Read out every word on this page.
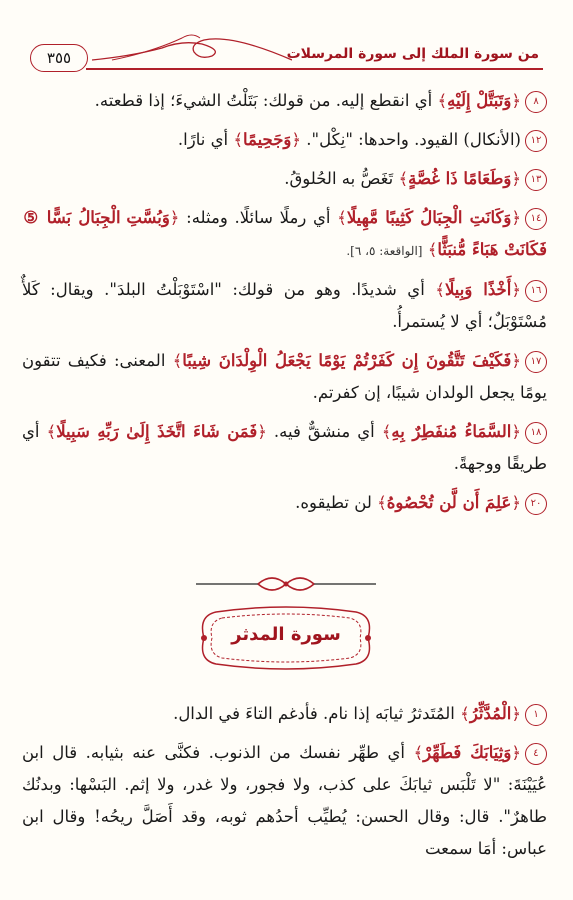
٣٥٥	من سورة الملك إلى سورة المرسلات

٨﴿وَتَبَتَّلْ إِلَيْهِ﴾ أي انقطع إليه. من قولك: بَتَلْتُ الشيءَ؛ إذا قطعته.

١٢(الأنكال) القيود. واحدها: "نِكْل". ﴿وَجَحِيمًا﴾ أي نارًا.

١٣﴿وَطَعَامًا ذَا غُصَّةٍ﴾ تَغَصُّ به الحُلوقُ.

١٤﴿وَكَانَتِ الْجِبَالُ كَثِيبًا مَّهِيلًا﴾ أي رملًا سائلًا. ومثله: ﴿وَبُسَّتِ الْجِبَالُ بَسًّا ⑤ فَكَانَتْ هَبَاءً مُّنبَثًّا﴾ [الواقعة: ٥، ٦].

١٦﴿أَخْذًا وَبِيلًا﴾ أي شديدًا. وهو من قولك: "اسْتَوْبَلْتُ البلدَ". ويقال: كَلأٌ مُسْتَوْبَلٌ؛ أي لا يُستمرأُ.

١٧﴿فَكَيْفَ تَتَّقُونَ إِن كَفَرْتُمْ يَوْمًا يَجْعَلُ الْوِلْدَانَ شِيبًا﴾ المعنى: فكيف تتقون يومًا يجعل الولدان شيبًا، إن كفرتم.

١٨﴿السَّمَاءُ مُنفَطِرٌ بِهِ﴾ أي منشقٌّ فيه. ﴿فَمَن شَاءَ اتَّخَذَ إِلَىٰ رَبِّهِ سَبِيلًا﴾ أي طريقًا ووجهةً.

٢٠﴿عَلِمَ أَن لَّن تُحْصُوهُ﴾ لن تطيقوه.

سورة المدثر

١﴿الْمُدَّثِّرُ﴾ المُتَدثرُ ثيابَه إذا نام. فأدغم التاءَ في الدال.

٤﴿وَثِيَابَكَ فَطَهِّرْ﴾ أي طهِّر نفسك من الذنوب. فكنَّى عنه بثيابه. قال ابن عُيَيْنَةَ: "لا تَلْبَس ثيابَكَ على كذب، ولا فجور، ولا غدر، ولا إثم. البَسْها: وبدنُك طاهرٌ". قال: وقال الحسن: يُطيِّب أحدُهم ثوبه، وقد أَصَلَّ ريحُه! وقال ابن عباس: أمَا سمعت
